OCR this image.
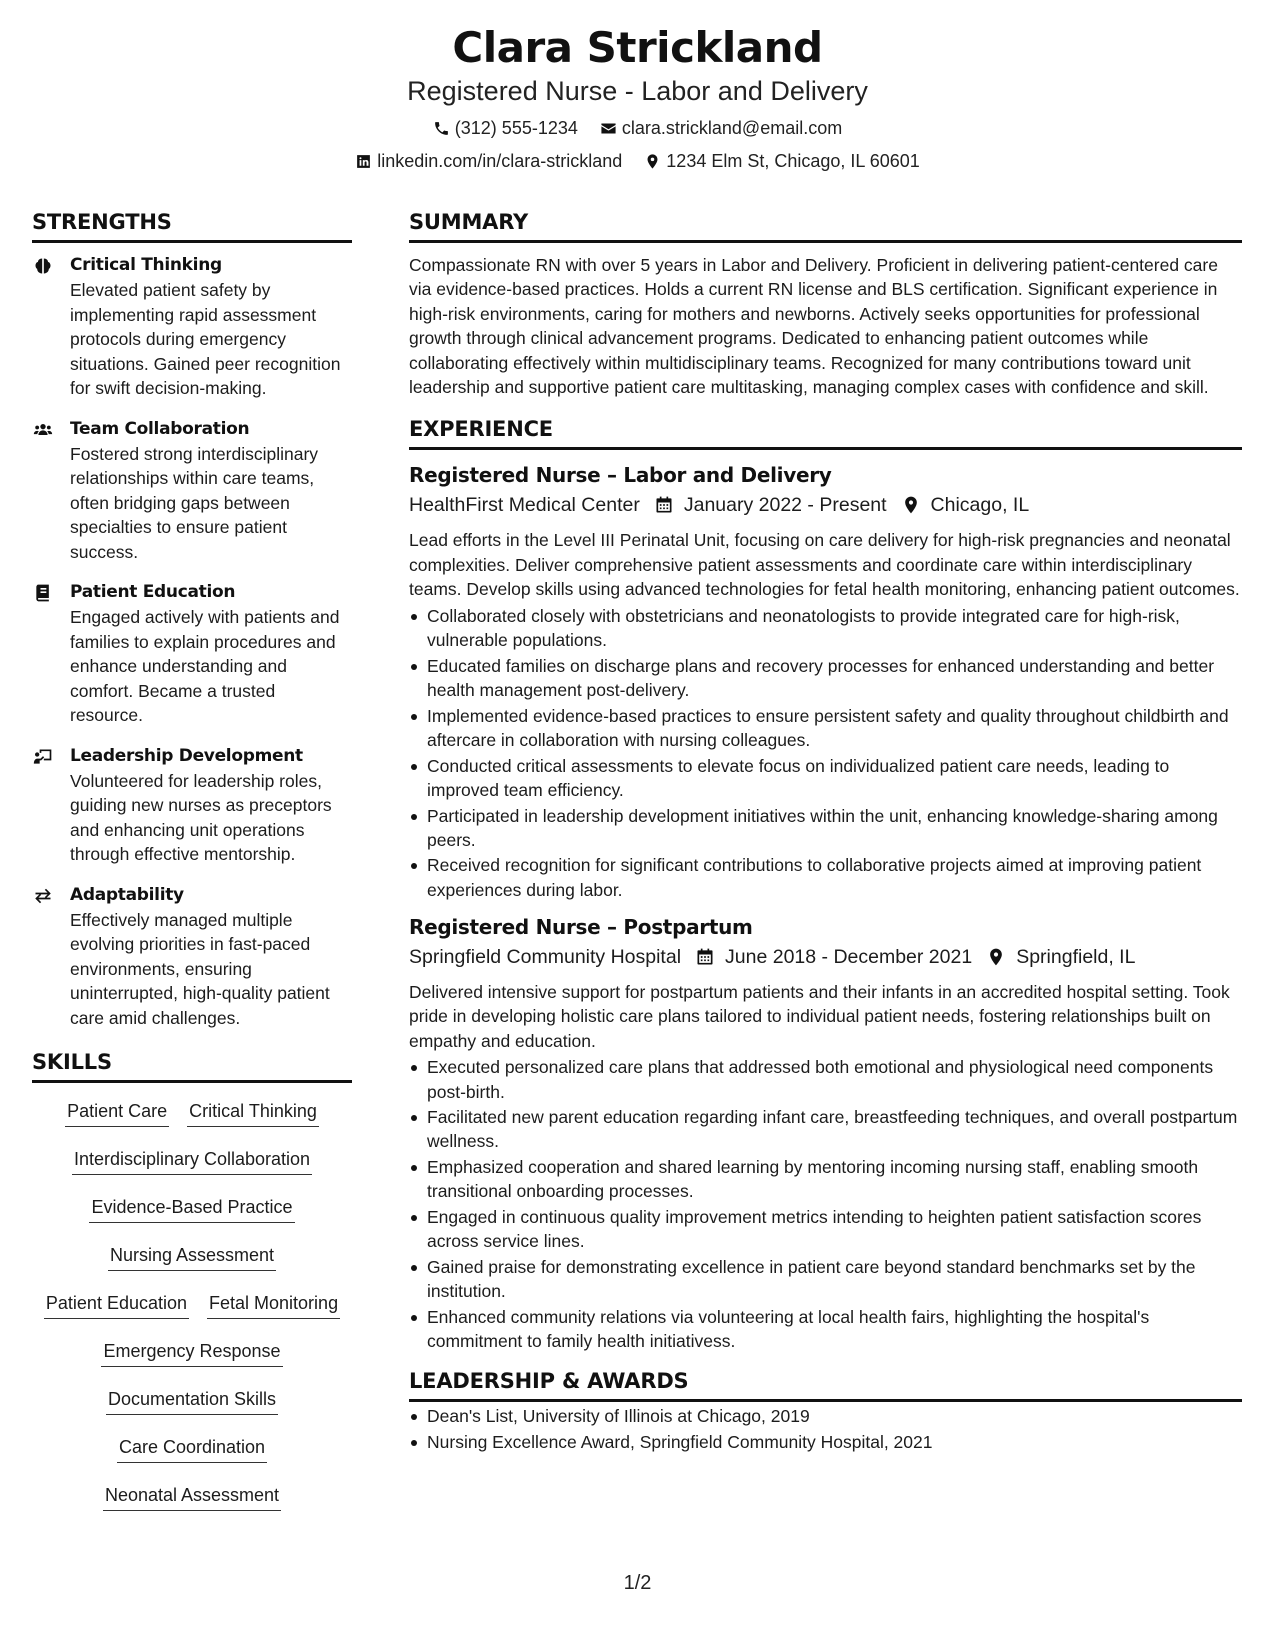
Clara Strickland
Registered Nurse - Labor and Delivery
(312) 555-1234 clara.strickland@email.com
linkedin.com/in/clara-strickland 1234 Elm St, Chicago, IL 60601
STRENGTHS
Critical Thinking
Elevated patient safety by implementing rapid assessment protocols during emergency situations. Gained peer recognition for swift decision-making.
Team Collaboration
Fostered strong interdisciplinary relationships within care teams, often bridging gaps between specialties to ensure patient success.
Patient Education
Engaged actively with patients and families to explain procedures and enhance understanding and comfort. Became a trusted resource.
Leadership Development
Volunteered for leadership roles, guiding new nurses as preceptors and enhancing unit operations through effective mentorship.
Adaptability
Effectively managed multiple evolving priorities in fast-paced environments, ensuring uninterrupted, high-quality patient care amid challenges.
SKILLS
Patient Care Critical Thinking
Interdisciplinary Collaboration
Evidence-Based Practice
Nursing Assessment
Patient Education Fetal Monitoring
Emergency Response
Documentation Skills
Care Coordination
Neonatal Assessment
SUMMARY
Compassionate RN with over 5 years in Labor and Delivery. Proficient in delivering patient-centered care via evidence-based practices. Holds a current RN license and BLS certification. Significant experience in high-risk environments, caring for mothers and newborns. Actively seeks opportunities for professional growth through clinical advancement programs. Dedicated to enhancing patient outcomes while collaborating effectively within multidisciplinary teams. Recognized for many contributions toward unit leadership and supportive patient care multitasking, managing complex cases with confidence and skill.
EXPERIENCE
Registered Nurse – Labor and Delivery
HealthFirst Medical Center January 2022 - Present Chicago, IL
Lead efforts in the Level III Perinatal Unit, focusing on care delivery for high-risk pregnancies and neonatal complexities. Deliver comprehensive patient assessments and coordinate care within interdisciplinary teams. Develop skills using advanced technologies for fetal health monitoring, enhancing patient outcomes.
Collaborated closely with obstetricians and neonatologists to provide integrated care for high-risk, vulnerable populations.
Educated families on discharge plans and recovery processes for enhanced understanding and better health management post-delivery.
Implemented evidence-based practices to ensure persistent safety and quality throughout childbirth and aftercare in collaboration with nursing colleagues.
Conducted critical assessments to elevate focus on individualized patient care needs, leading to improved team efficiency.
Participated in leadership development initiatives within the unit, enhancing knowledge-sharing among peers.
Received recognition for significant contributions to collaborative projects aimed at improving patient experiences during labor.
Registered Nurse – Postpartum
Springfield Community Hospital June 2018 - December 2021 Springfield, IL
Delivered intensive support for postpartum patients and their infants in an accredited hospital setting. Took pride in developing holistic care plans tailored to individual patient needs, fostering relationships built on empathy and education.
Executed personalized care plans that addressed both emotional and physiological need components post-birth.
Facilitated new parent education regarding infant care, breastfeeding techniques, and overall postpartum wellness.
Emphasized cooperation and shared learning by mentoring incoming nursing staff, enabling smooth transitional onboarding processes.
Engaged in continuous quality improvement metrics intending to heighten patient satisfaction scores across service lines.
Gained praise for demonstrating excellence in patient care beyond standard benchmarks set by the institution.
Enhanced community relations via volunteering at local health fairs, highlighting the hospital's commitment to family health initiativess.
LEADERSHIP & AWARDS
Dean's List, University of Illinois at Chicago, 2019
Nursing Excellence Award, Springfield Community Hospital, 2021
1/2
